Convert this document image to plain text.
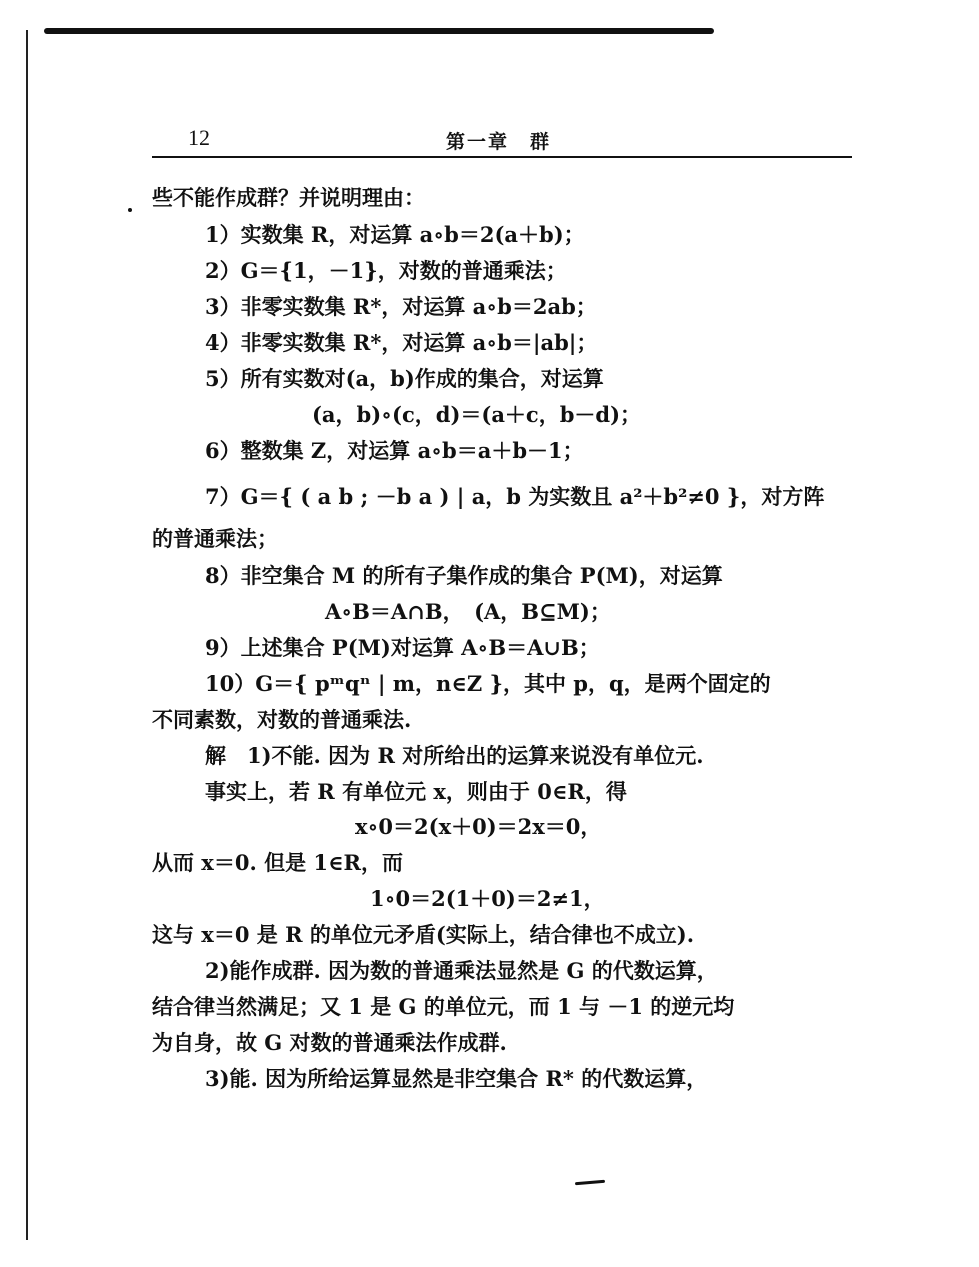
12	第一章　群
些不能作成群？并说明理由：
1）实数集 R，对运算 a∘b＝2(a＋b)；
2）G＝{1，－1}，对数的普通乘法；
3）非零实数集 R*，对运算 a∘b＝2ab；
4）非零实数集 R*，对运算 a∘b＝|ab|；
5）所有实数对(a，b)作成的集合，对运算
(a，b)∘(c，d)＝(a＋c，b－d)；
6）整数集 Z，对运算 a∘b＝a＋b－1；
7）G＝{ ( a b ; －b a ) | a，b 为实数且 a²＋b²≠0 }，对方阵
的普通乘法；
8）非空集合 M 的所有子集作成的集合 P(M)，对运算
A∘B＝A∩B，　(A，B⊆M)；
9）上述集合 P(M)对运算 A∘B＝A∪B；
10）G＝{ pᵐqⁿ | m，n∈Z }，其中 p，q，是两个固定的
不同素数，对数的普通乘法.
解　1)不能. 因为 R 对所给出的运算来说没有单位元.
事实上，若 R 有单位元 x，则由于 0∈R，得
x∘0＝2(x＋0)＝2x＝0，
从而 x＝0. 但是 1∈R，而
1∘0＝2(1＋0)＝2≠1，
这与 x＝0 是 R 的单位元矛盾(实际上，结合律也不成立).
2)能作成群. 因为数的普通乘法显然是 G 的代数运算，
结合律当然满足；又 1 是 G 的单位元，而 1 与 －1 的逆元均
为自身，故 G 对数的普通乘法作成群.
3)能. 因为所给运算显然是非空集合 R* 的代数运算，
